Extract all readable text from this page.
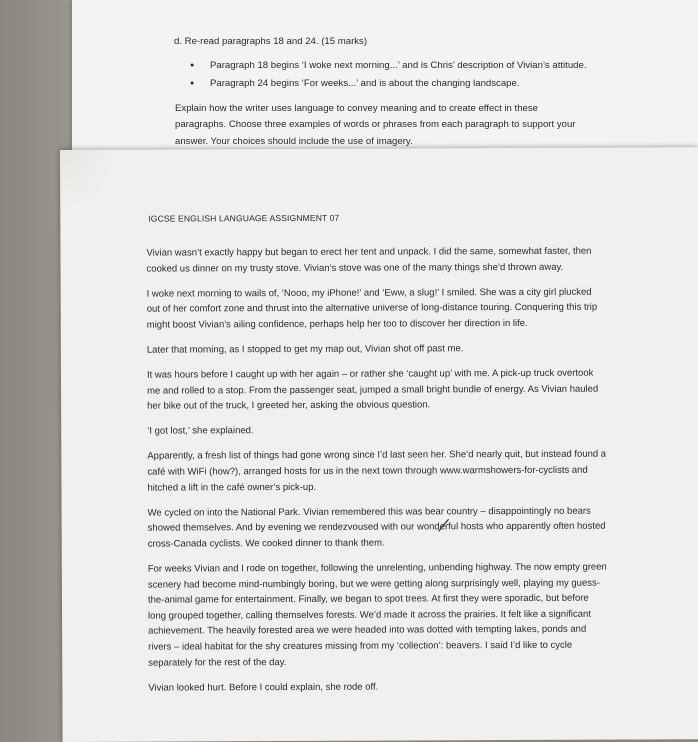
d. Re-read paragraphs 18 and 24. (15 marks)
● Paragraph 18 begins ‘I woke next morning...’ and is Chris’ description of Vivian’s attitude.
● Paragraph 24 begins ‘For weeks...’ and is about the changing landscape.

Explain how the writer uses language to convey meaning and to create effect in these paragraphs. Choose three examples of words or phrases from each paragraph to support your answer. Your choices should include the use of imagery.

IGCSE ENGLISH LANGUAGE ASSIGNMENT 07

Vivian wasn’t exactly happy but began to erect her tent and unpack. I did the same, somewhat faster, then cooked us dinner on my trusty stove. Vivian’s stove was one of the many things she’d thrown away.

I woke next morning to wails of, ‘Nooo, my iPhone!’ and ‘Eww, a slug!’ I smiled. She was a city girl plucked out of her comfort zone and thrust into the alternative universe of long-distance touring. Conquering this trip might boost Vivian’s ailing confidence, perhaps help her too to discover her direction in life.

Later that morning, as I stopped to get my map out, Vivian shot off past me.

It was hours before I caught up with her again – or rather she ‘caught up’ with me. A pick-up truck overtook me and rolled to a stop. From the passenger seat, jumped a small bright bundle of energy. As Vivian hauled her bike out of the truck, I greeted her, asking the obvious question.

‘I got lost,’ she explained.

Apparently, a fresh list of things had gone wrong since I’d last seen her. She’d nearly quit, but instead found a café with WiFi (how?), arranged hosts for us in the next town through www.warmshowers-for-cyclists and hitched a lift in the café owner’s pick-up.

We cycled on into the National Park. Vivian remembered this was bear country – disappointingly no bears showed themselves. And by evening we rendezvoused with our wonderful hosts who apparently often hosted cross-Canada cyclists. We cooked dinner to thank them.

For weeks Vivian and I rode on together, following the unrelenting, unbending highway. The now empty green scenery had become mind-numbingly boring, but we were getting along surprisingly well, playing my guess-the-animal game for entertainment. Finally, we began to spot trees. At first they were sporadic, but before long grouped together, calling themselves forests. We’d made it across the prairies. It felt like a significant achievement. The heavily forested area we were headed into was dotted with tempting lakes, ponds and rivers – ideal habitat for the shy creatures missing from my ‘collection’: beavers. I said I’d like to cycle separately for the rest of the day.

Vivian looked hurt. Before I could explain, she rode off.
